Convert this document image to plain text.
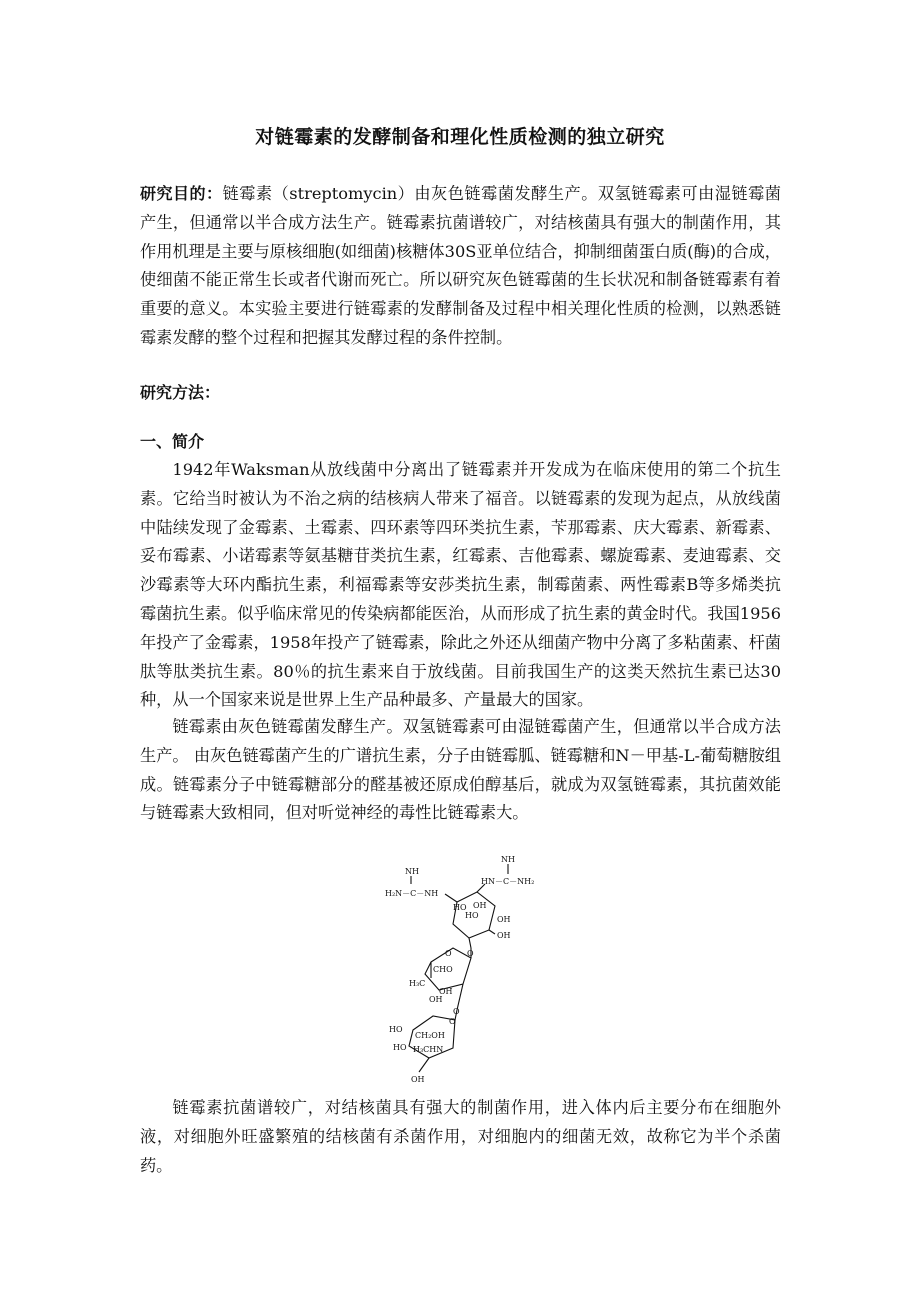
对链霉素的发酵制备和理化性质检测的独立研究
研究目的：链霉素（streptomycin）由灰色链霉菌发酵生产。双氢链霉素可由湿链霉菌产生，但通常以半合成方法生产。链霉素抗菌谱较广，对结核菌具有强大的制菌作用，其作用机理是主要与原核细胞(如细菌)核糖体30S亚单位结合，抑制细菌蛋白质(酶)的合成，使细菌不能正常生长或者代谢而死亡。所以研究灰色链霉菌的生长状况和制备链霉素有着重要的意义。本实验主要进行链霉素的发酵制备及过程中相关理化性质的检测，以熟悉链霉素发酵的整个过程和把握其发酵过程的条件控制。
研究方法：
一、简介
1942年Waksman从放线菌中分离出了链霉素并开发成为在临床使用的第二个抗生素。它给当时被认为不治之病的结核病人带来了福音。以链霉素的发现为起点，从放线菌中陆续发现了金霉素、土霉素、四环素等四环类抗生素，苄那霉素、庆大霉素、新霉素、妥布霉素、小诺霉素等氨基糖苷类抗生素，红霉素、吉他霉素、螺旋霉素、麦迪霉素、交沙霉素等大环内酯抗生素，利福霉素等安莎类抗生素，制霉菌素、两性霉素B等多烯类抗霉菌抗生素。似乎临床常见的传染病都能医治，从而形成了抗生素的黄金时代。我国1956年投产了金霉素，1958年投产了链霉素，除此之外还从细菌产物中分离了多粘菌素、杆菌肽等肽类抗生素。80％的抗生素来自于放线菌。目前我国生产的这类天然抗生素已达30种，从一个国家来说是世界上生产品种最多、产量最大的国家。
链霉素由灰色链霉菌发酵生产。双氢链霉素可由湿链霉菌产生，但通常以半合成方法生产。 由灰色链霉菌产生的广谱抗生素，分子由链霉胍、链霉糖和N－甲基-L-葡萄糖胺组成。链霉素分子中链霉糖部分的醛基被还原成伯醇基后，就成为双氢链霉素，其抗菌效能与链霉素大致相同，但对听觉神经的毒性比链霉素大。
NH
H₂N－C－NH
HO
HO
OH
OH
OH
NH
HN－C－NH₂
O
O
CHO
H₃C
OH
OH
O
HO
CH₂OH
O
HO H₃CHN
OH
链霉素抗菌谱较广，对结核菌具有强大的制菌作用，进入体内后主要分布在细胞外液，对细胞外旺盛繁殖的结核菌有杀菌作用，对细胞内的细菌无效，故称它为半个杀菌药。
